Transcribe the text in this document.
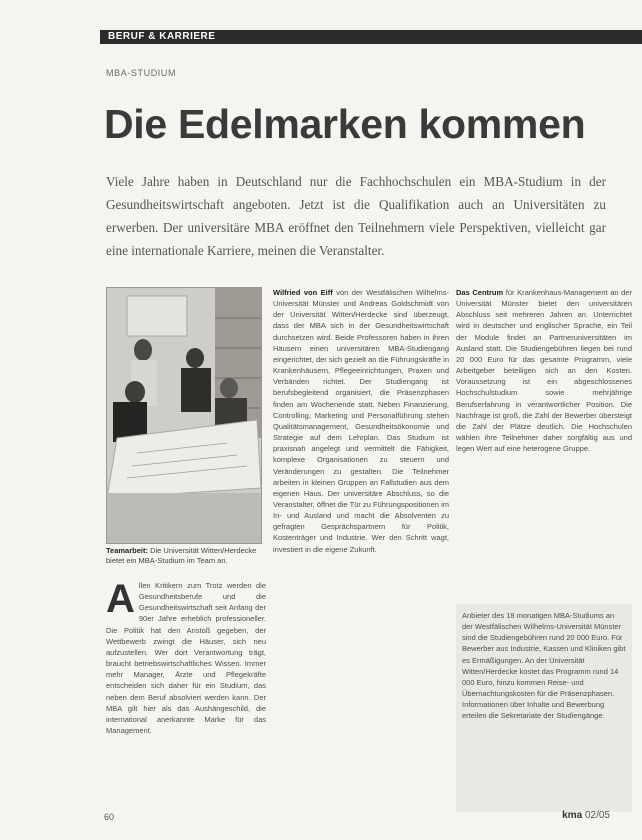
BERUF & KARRIERE
MBA-STUDIUM
Die Edelmarken kommen
Viele Jahre haben in Deutschland nur die Fachhochschulen ein MBA-Studium in der Gesundheitswirtschaft angeboten. Jetzt ist die Qualifikation auch an Universitäten zu erwerben. Der universitäre MBA eröffnet den Teilnehmern viele Perspektiven, vielleicht gar eine internationale Karriere, meinen die Veranstalter.
Teamarbeit: Die Universität Witten/Herdecke bietet ein MBA-Studium im Team an.

Allen Kritikern zum Trotz werden die Gesundheitsberufe und die Gesundheitswirtschaft seit Anfang der 90er Jahre erheblich professioneller. Die Politik hat den Anstoß gegeben, der Wettbewerb zwingt die Häuser, sich neu aufzustellen. Wer dort Verantwortung trägt, braucht betriebswirtschaftliches Wissen. Immer mehr Manager, Ärzte und Pflegekräfte entscheiden sich daher für ein Studium, das neben dem Beruf absolviert werden kann. Der MBA gilt hier als das Aushängeschild, die international anerkannte Marke für das Management.

Wilfried von Eiff von der Westfälischen Wilhelms-Universität Münster und Andreas Goldschmidt von der Universität Witten/Herdecke sind überzeugt, dass der MBA sich in der Gesundheitswirtschaft durchsetzen wird. Beide Professoren haben in ihren Häusern einen universitären MBA-Studiengang eingerichtet, der sich gezielt an die Führungskräfte in Krankenhäusern, Pflegeeinrichtungen, Praxen und Verbänden richtet. Der Studiengang ist berufsbegleitend organisiert, die Präsenzphasen finden am Wochenende statt. Neben Finanzierung, Controlling, Marketing und Personalführung stehen Qualitätsmanagement, Gesundheitsökonomie und Strategie auf dem Lehrplan. Das Studium ist praxisnah angelegt und vermittelt die Fähigkeit, komplexe Organisationen zu steuern und Veränderungen zu gestalten. Die Teilnehmer arbeiten in kleinen Gruppen an Fallstudien aus dem eigenen Haus. Der universitäre Abschluss, so die Veranstalter, öffnet die Tür zu Führungspositionen im In- und Ausland und macht die Absolventen zu gefragten Gesprächspartnern für Politik, Kostenträger und Industrie. Wer den Schritt wagt, investiert in die eigene Zukunft.

Das Centrum für Krankenhaus-Management an der Universität Münster bietet den universitären Abschluss seit mehreren Jahren an. Unterrichtet wird in deutscher und englischer Sprache, ein Teil der Module findet an Partneruniversitäten im Ausland statt. Die Studiengebühren liegen bei rund 20 000 Euro für das gesamte Programm, viele Arbeitgeber beteiligen sich an den Kosten. Voraussetzung ist ein abgeschlossenes Hochschulstudium sowie mehrjährige Berufserfahrung in verantwortlicher Position. Die Nachfrage ist groß, die Zahl der Bewerber übersteigt die Zahl der Plätze deutlich. Die Hochschulen wählen ihre Teilnehmer daher sorgfältig aus und legen Wert auf eine heterogene Gruppe.

Anbieter des 18 monatigen MBA-Studiums an der Westfälischen Wilhelms-Universität Münster sind die Studiengebühren rund 20 000 Euro. Für Bewerber aus Industrie, Kassen und Kliniken gibt es Ermäßigungen. An der Universität Witten/Herdecke kostet das Programm rund 14 000 Euro, hinzu kommen Reise- und Übernachtungskosten für die Präsenzphasen. Informationen über Inhalte und Bewerbung erteilen die Sekretariate der Studiengänge.
60	kma 02/05
